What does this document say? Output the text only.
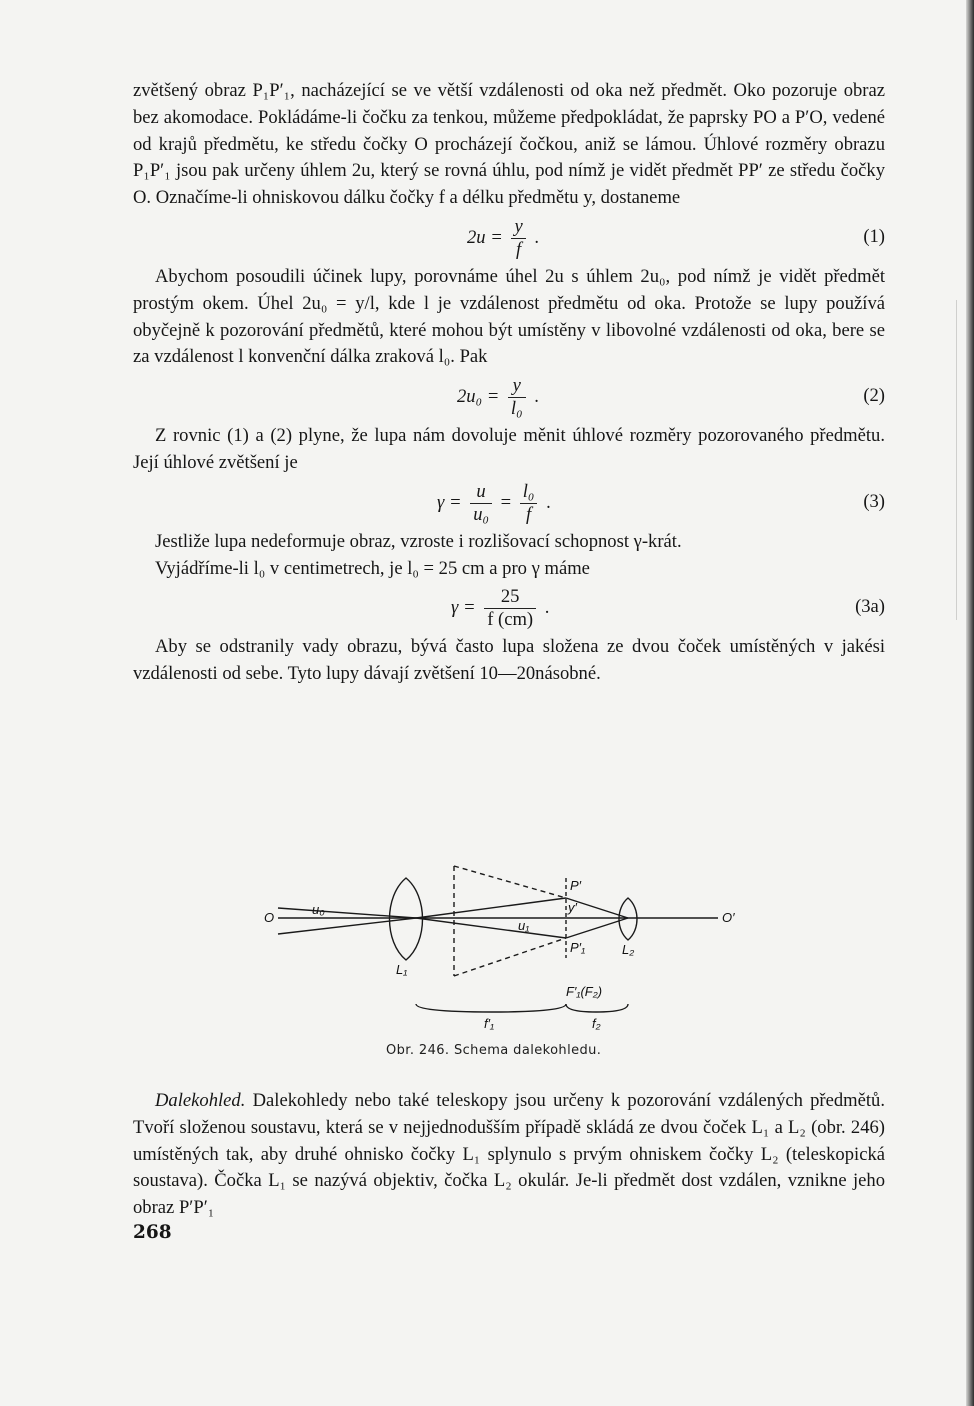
zvětšený obraz P₁P′₁, nacházející se ve větší vzdálenosti od oka než předmět. Oko pozoruje obraz bez akomodace. Pokládáme-li čočku za tenkou, můžeme předpokládat, že paprsky PO a P′O, vedené od krajů předmětu, ke středu čočky O procházejí čočkou, aniž se lámou. Úhlové rozměry obrazu P₁P′₁ jsou pak určeny úhlem 2u, který se rovná úhlu, pod nímž je vidět předmět PP′ ze středu čočky O. Označíme-li ohniskovou dálku čočky f a délku předmětu y, dostaneme

$2u = \frac{y}{f}$ .	(1)

Abychom posoudili účinek lupy, porovnáme úhel 2u s úhlem 2u₀, pod nímž je vidět předmět prostým okem. Úhel 2u₀ = y/l, kde l je vzdálenost předmětu od oka. Protože se lupy používá obyčejně k pozorování předmětů, které mohou být umístěny v libovolné vzdálenosti od oka, bere se za vzdálenost l konvenční dálka zraková l₀. Pak

$2u_0 = \frac{y}{\text{l₀}}$ .	(2)

Z rovnic (1) a (2) plyne, že lupa nám dovoluje měnit úhlové rozměry pozorovaného předmětu. Její úhlové zvětšení je

$\gamma = \frac{u}{\text{u₀}} = \frac{\text{l₀}}{f}$ .	(3)

Jestliže lupa nedeformuje obraz, vzroste i rozlišovací schopnost γ-krát.

Vyjádříme-li l₀ v centimetrech, je l₀ = 25 cm a pro γ máme

$\gamma = \frac{25}{f (cm)}$ .	(3a)

Aby se odstranily vady obrazu, bývá často lupa složena ze dvou čoček umístěných v jakési vzdálenosti od sebe. Tyto lupy dávají zvětšení 10—20násobné.

O	O′
u₀
u₁
L₁
L₂
P′
P′₁
y′
F′₁(F₂)
f′₁	f₂
Obr. 246. Schema dalekohledu.

Dalekohled. Dalekohledy nebo také teleskopy jsou určeny k pozorování vzdálených předmětů. Tvoří složenou soustavu, která se v nejjednodušším případě skládá ze dvou čoček L₁ a L₂ (obr. 246) umístěných tak, aby druhé ohnisko čočky L₁ splynulo s prvým ohniskem čočky L₂ (teleskopická soustava). Čočka L₁ se nazývá objektiv, čočka L₂ okulár. Je-li předmět dost vzdálen, vznikne jeho obraz P′P′₁

268
